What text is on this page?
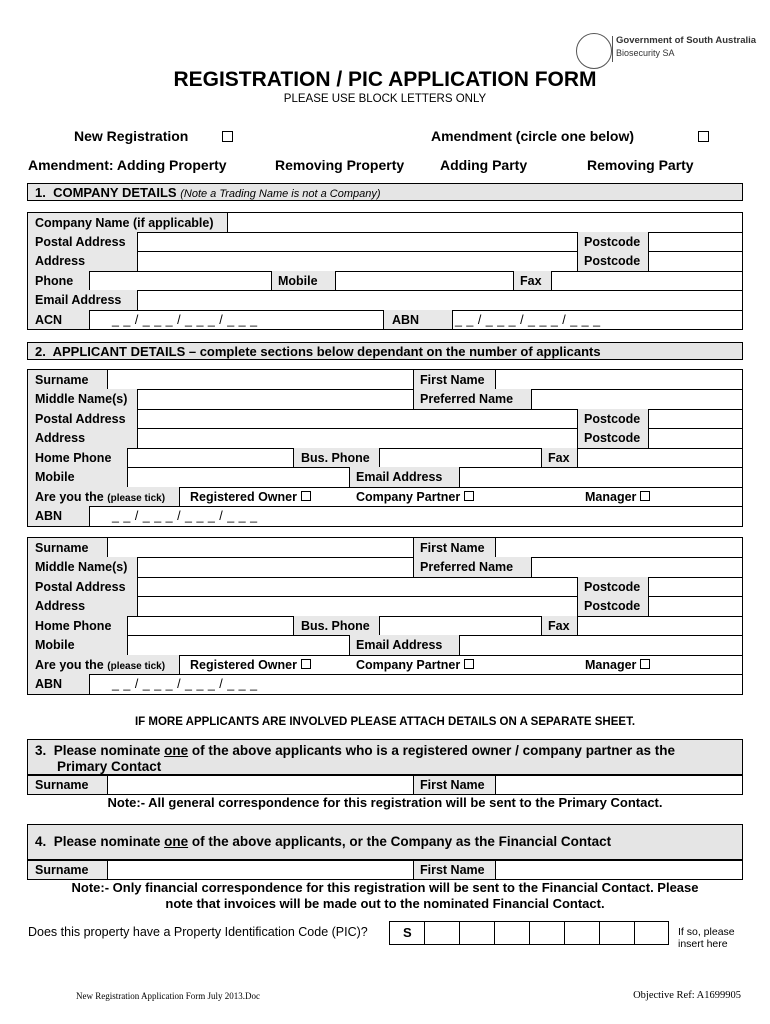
Government of South Australia
Biosecurity SA
REGISTRATION / PIC APPLICATION FORM
PLEASE USE BLOCK LETTERS ONLY
New Registration	Amendment (circle one below)
Amendment: Adding Property	Removing Property	Adding Party	Removing Party
1. COMPANY DETAILS (Note a Trading Name is not a Company)
Company Name (if applicable)
Postal Address	Postcode
Address	Postcode
Phone	Mobile	Fax
Email Address
ACN	_ _ / _ _ _ / _ _ _ / _ _ _	ABN	_ _ / _ _ _ / _ _ _ / _ _ _
2. APPLICANT DETAILS – complete sections below dependant on the number of applicants
Surname	First Name
Middle Name(s)	Preferred Name
Postal Address	Postcode
Address	Postcode
Home Phone	Bus. Phone	Fax
Mobile	Email Address
Are you the (please tick) Registered Owner	Company Partner	Manager
ABN	_ _ / _ _ _ / _ _ _ / _ _ _
Surname	First Name
Middle Name(s)	Preferred Name
Postal Address	Postcode
Address	Postcode
Home Phone	Bus. Phone	Fax
Mobile	Email Address
Are you the (please tick) Registered Owner	Company Partner	Manager
ABN	_ _ / _ _ _ / _ _ _ / _ _ _
IF MORE APPLICANTS ARE INVOLVED PLEASE ATTACH DETAILS ON A SEPARATE SHEET.
3. Please nominate one of the above applicants who is a registered owner / company partner as the
Primary Contact
Surname	First Name
Note:- All general correspondence for this registration will be sent to the Primary Contact.
4. Please nominate one of the above applicants, or the Company as the Financial Contact
Surname	First Name
Note:- Only financial correspondence for this registration will be sent to the Financial Contact. Please
note that invoices will be made out to the nominated Financial Contact.
Does this property have a Property Identification Code (PIC)?	S	If so, please
insert here
New Registration Application Form July 2013.Doc	Objective Ref: A1699905
